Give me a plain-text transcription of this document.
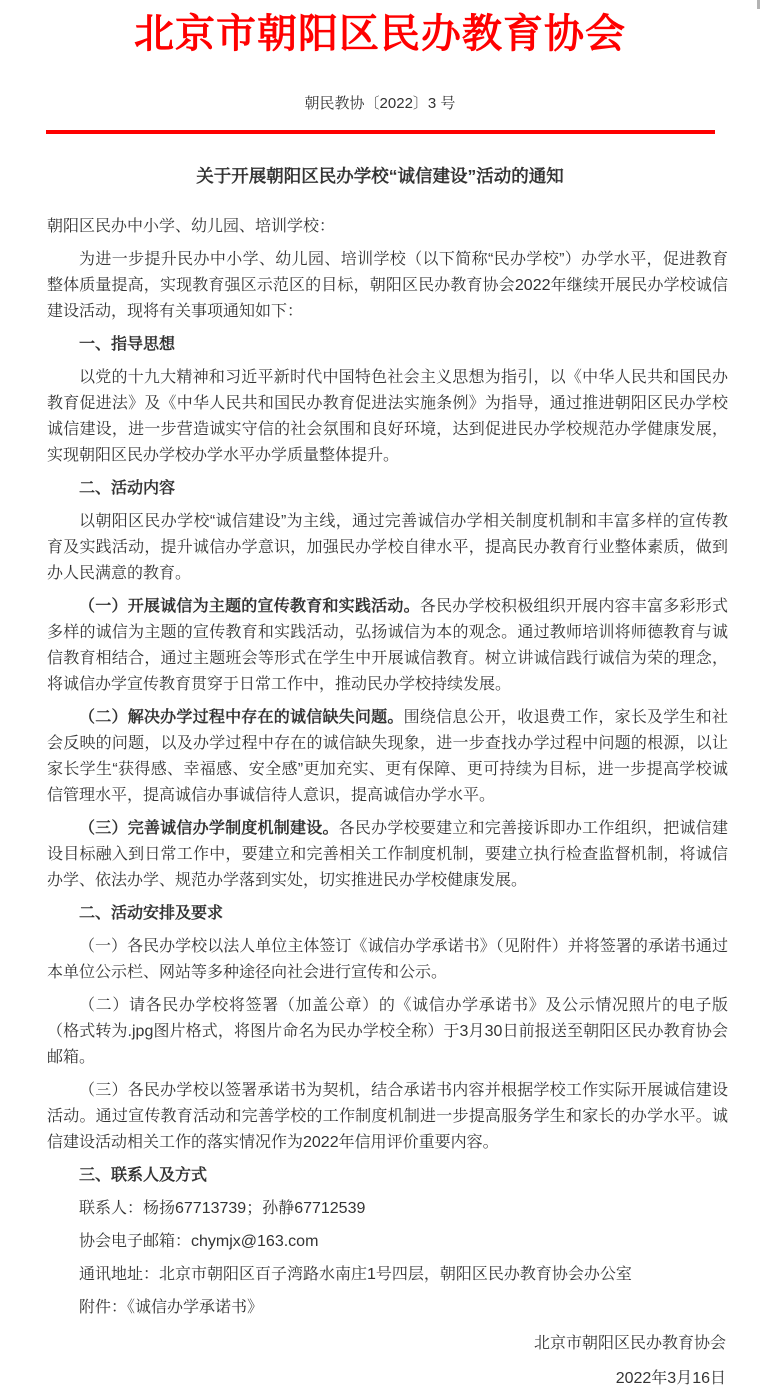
北京市朝阳区民办教育协会
朝民教协〔2022〕3 号
关于开展朝阳区民办学校“诚信建设”活动的通知
朝阳区民办中小学、幼儿园、培训学校：

为进一步提升民办中小学、幼儿园、培训学校（以下简称“民办学校”）办学水平，促进教育整体质量提高，实现教育强区示范区的目标，朝阳区民办教育协会2022年继续开展民办学校诚信建设活动，现将有关事项通知如下：

一、指导思想

以党的十九大精神和习近平新时代中国特色社会主义思想为指引，以《中华人民共和国民办教育促进法》及《中华人民共和国民办教育促进法实施条例》为指导，通过推进朝阳区民办学校诚信建设，进一步营造诚实守信的社会氛围和良好环境，达到促进民办学校规范办学健康发展，实现朝阳区民办学校办学水平办学质量整体提升。

二、活动内容

以朝阳区民办学校“诚信建设”为主线，通过完善诚信办学相关制度机制和丰富多样的宣传教育及实践活动，提升诚信办学意识，加强民办学校自律水平，提高民办教育行业整体素质，做到办人民满意的教育。

（一）开展诚信为主题的宣传教育和实践活动。各民办学校积极组织开展内容丰富多彩形式多样的诚信为主题的宣传教育和实践活动，弘扬诚信为本的观念。通过教师培训将师德教育与诚信教育相结合，通过主题班会等形式在学生中开展诚信教育。树立讲诚信践行诚信为荣的理念，将诚信办学宣传教育贯穿于日常工作中，推动民办学校持续发展。

（二）解决办学过程中存在的诚信缺失问题。围绕信息公开，收退费工作，家长及学生和社会反映的问题，以及办学过程中存在的诚信缺失现象，进一步查找办学过程中问题的根源，以让家长学生“获得感、幸福感、安全感”更加充实、更有保障、更可持续为目标，进一步提高学校诚信管理水平，提高诚信办事诚信待人意识，提高诚信办学水平。

（三）完善诚信办学制度机制建设。各民办学校要建立和完善接诉即办工作组织，把诚信建设目标融入到日常工作中，要建立和完善相关工作制度机制，要建立执行检查监督机制，将诚信办学、依法办学、规范办学落到实处，切实推进民办学校健康发展。

二、活动安排及要求

（一）各民办学校以法人单位主体签订《诚信办学承诺书》（见附件）并将签署的承诺书通过本单位公示栏、网站等多种途径向社会进行宣传和公示。

（二）请各民办学校将签署（加盖公章）的《诚信办学承诺书》及公示情况照片的电子版（格式转为.jpg图片格式，将图片命名为民办学校全称）于3月30日前报送至朝阳区民办教育协会邮箱。

（三）各民办学校以签署承诺书为契机，结合承诺书内容并根据学校工作实际开展诚信建设活动。通过宣传教育活动和完善学校的工作制度机制进一步提高服务学生和家长的办学水平。诚信建设活动相关工作的落实情况作为2022年信用评价重要内容。

三、联系人及方式

联系人：杨扬67713739；孙静67712539

协会电子邮箱：chymjx@163.com

通讯地址：北京市朝阳区百子湾路水南庄1号四层，朝阳区民办教育协会办公室

附件：《诚信办学承诺书》

北京市朝阳区民办教育协会

2022年3月16日
